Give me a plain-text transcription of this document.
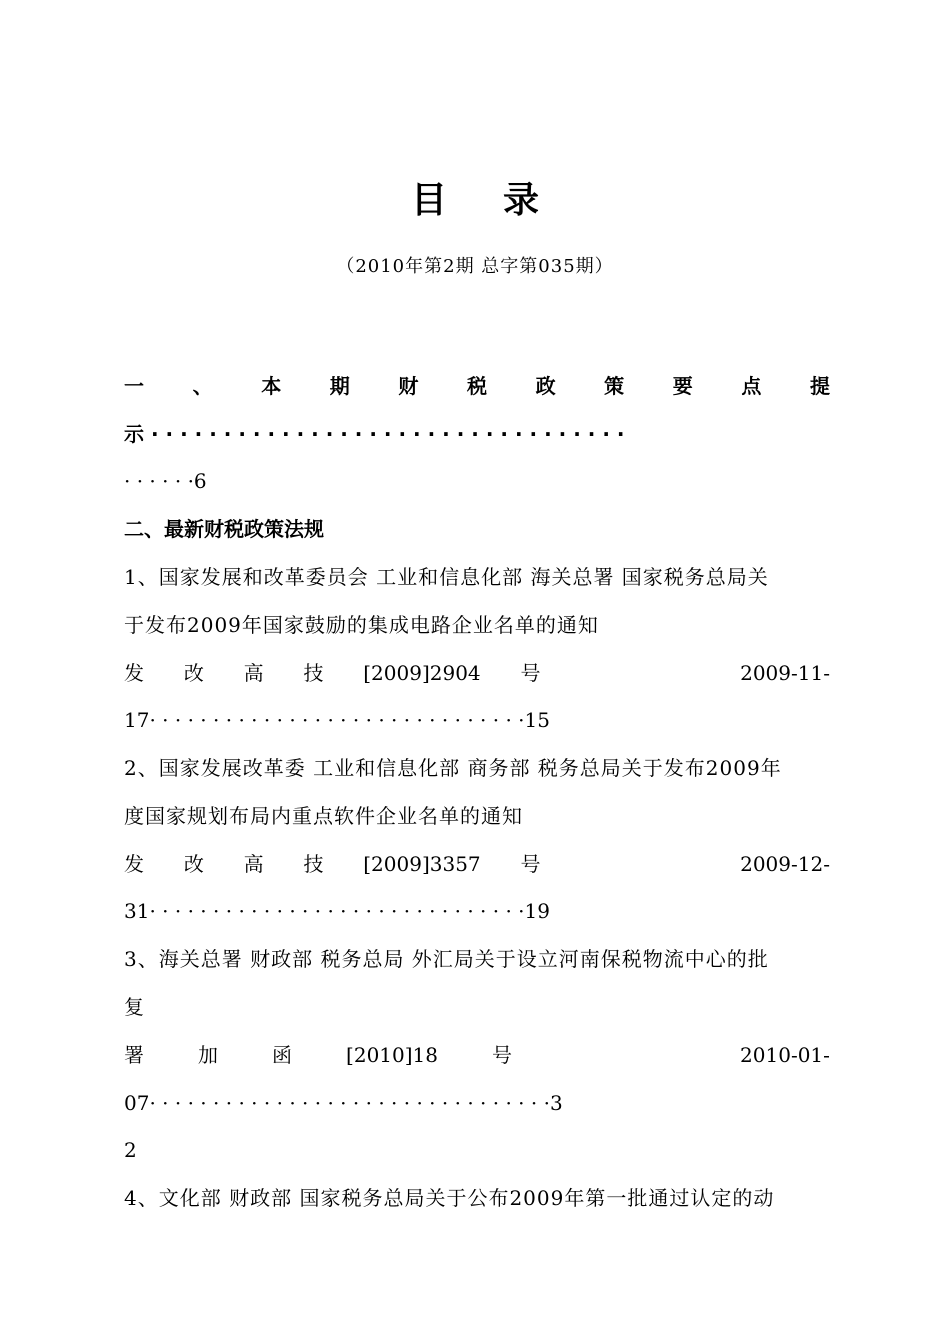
目 录
（2010年第2期 总字第035期）
一 、 本 期 财 税 政 策 要 点 提
示 · · · · · · · · · · · · · · · · · · · · · · · · · · · · · · · · ·
· · · · · ·6
二、最新财税政策法规
1、国家发展和改革委员会 工业和信息化部 海关总署 国家税务总局关
于发布2009年国家鼓励的集成电路企业名单的通知
发 改 高 技 [2009]2904 号	2009-11-
17· · · · · · · · · · · · · · · · · · · · · · · · · · · · · ·15
2、国家发展改革委 工业和信息化部 商务部 税务总局关于发布2009年
度国家规划布局内重点软件企业名单的通知
发 改 高 技 [2009]3357 号	2009-12-
31· · · · · · · · · · · · · · · · · · · · · · · · · · · · · ·19
3、海关总署 财政部 税务总局 外汇局关于设立河南保税物流中心的批
复
署	加	函	[2010]18	号	2010-01-
07· · · · · · · · · · · · · · · · · · · · · · · · · · · · · · · ·3
2
4、文化部 财政部 国家税务总局关于公布2009年第一批通过认定的动
